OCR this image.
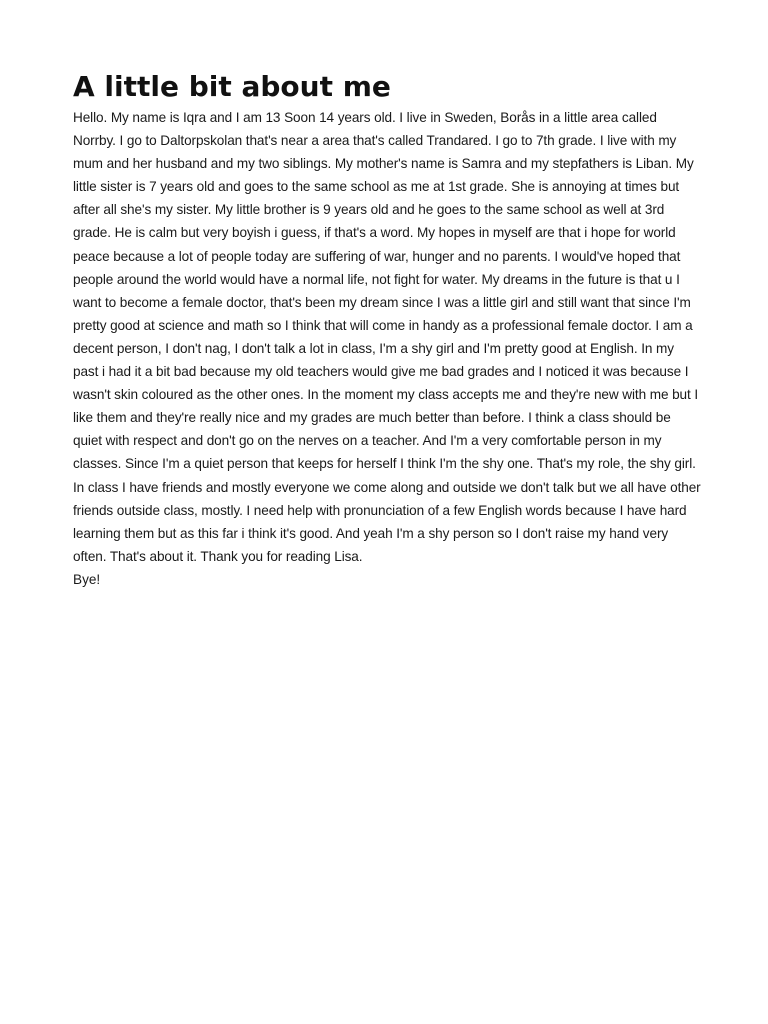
A little bit about me

Hello. My name is Iqra and I am 13 Soon 14 years old. I live in Sweden, Borås in a little area called Norrby. I go to Daltorpskolan that's near a area that's called Trandared. I go to 7th grade. I live with my mum and her husband and my two siblings. My mother's name is Samra and my stepfathers is Liban. My little sister is 7 years old and goes to the same school as me at 1st grade. She is annoying at times but after all she's my sister. My little brother is 9 years old and he goes to the same school as well at 3rd grade. He is calm but very boyish i guess, if that's a word. My hopes in myself are that i hope for world peace because a lot of people today are suffering of war, hunger and no parents. I would've hoped that people around the world would have a normal life, not fight for water. My dreams in the future is that u I want to become a female doctor, that's been my dream since I was a little girl and still want that since I'm pretty good at science and math so I think that will come in handy as a professional female doctor. I am a decent person, I don't nag, I don't talk a lot in class, I'm a shy girl and I'm pretty good at English. In my past i had it a bit bad because my old teachers would give me bad grades and I noticed it was because I wasn't skin coloured as the other ones. In the moment my class accepts me and they're new with me but I like them and they're really nice and my grades are much better than before. I think a class should be quiet with respect and don't go on the nerves on a teacher. And I'm a very comfortable person in my classes. Since I'm a quiet person that keeps for herself I think I'm the shy one. That's my role, the shy girl. In class I have friends and mostly everyone we come along and outside we don't talk but we all have other friends outside class, mostly. I need help with pronunciation of a few English words because I have hard learning them but as this far i think it's good. And yeah I'm a shy person so I don't raise my hand very often. That's about it. Thank you for reading Lisa.

Bye!
